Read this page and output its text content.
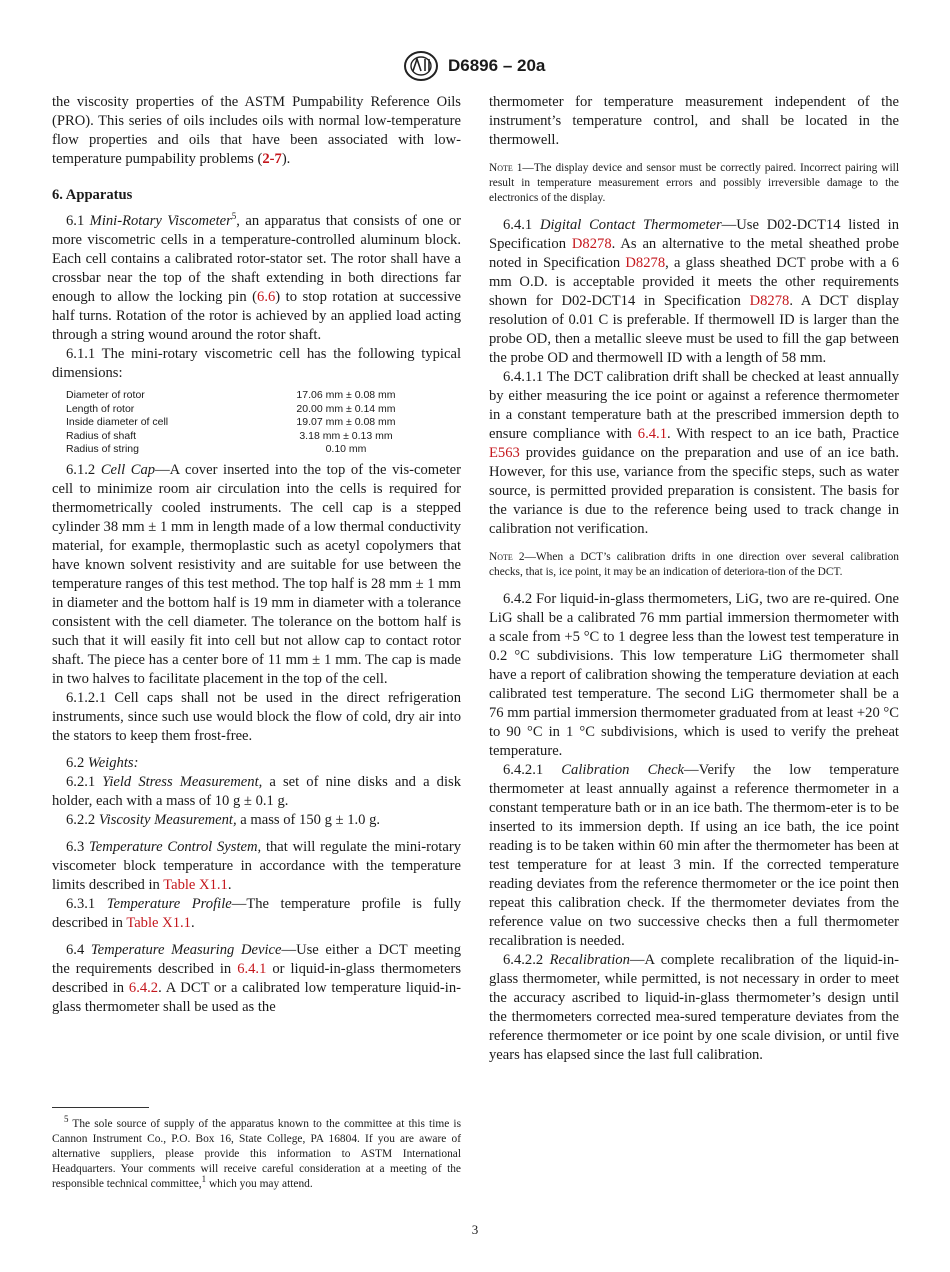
D6896 – 20a

the viscosity properties of the ASTM Pumpability Reference Oils (PRO). This series of oils includes oils with normal low-temperature flow properties and oils that have been associated with low-temperature pumpability problems (2-7).

6. Apparatus

6.1 Mini-Rotary Viscometer$^5$, an apparatus that consists of one or more viscometric cells in a temperature-controlled aluminum block. Each cell contains a calibrated rotor-stator set. The rotor shall have a crossbar near the top of the shaft extending in both directions far enough to allow the locking pin (6.6) to stop rotation at successive half turns. Rotation of the rotor is achieved by an applied load acting through a string wound around the rotor shaft.

6.1.1 The mini-rotary viscometric cell has the following typical dimensions:

Diameter of rotor	17.06 mm ± 0.08 mm
Length of rotor	20.00 mm ± 0.14 mm
Inside diameter of cell	19.07 mm ± 0.08 mm
Radius of shaft	3.18 mm ± 0.13 mm
Radius of string	0.10 mm

6.1.2 Cell Cap—A cover inserted into the top of the vis-cometer cell to minimize room air circulation into the cells is required for thermometrically cooled instruments. The cell cap is a stepped cylinder 38 mm ± 1 mm in length made of a low thermal conductivity material, for example, thermoplastic such as acetyl copolymers that have known solvent resistivity and are suitable for use between the temperature ranges of this test method. The top half is 28 mm ± 1 mm in diameter and the bottom half is 19 mm in diameter with a tolerance consistent with the cell diameter. The tolerance on the bottom half is such that it will easily fit into cell but not allow cap to contact rotor shaft. The piece has a center bore of 11 mm ± 1 mm. The cap is made in two halves to facilitate placement in the top of the cell.

6.1.2.1 Cell caps shall not be used in the direct refrigeration instruments, since such use would block the flow of cold, dry air into the stators to keep them frost-free.

6.2 Weights:

6.2.1 Yield Stress Measurement, a set of nine disks and a disk holder, each with a mass of 10 g ± 0.1 g.

6.2.2 Viscosity Measurement, a mass of 150 g ± 1.0 g.

6.3 Temperature Control System, that will regulate the mini-rotary viscometer block temperature in accordance with the temperature limits described in Table X1.1.

6.3.1 Temperature Profile—The temperature profile is fully described in Table X1.1.

6.4 Temperature Measuring Device—Use either a DCT meeting the requirements described in 6.4.1 or liquid-in-glass thermometers described in 6.4.2. A DCT or a calibrated low temperature liquid-in-glass thermometer shall be used as the

$^5$ The sole source of supply of the apparatus known to the committee at this time is Cannon Instrument Co., P.O. Box 16, State College, PA 16804. If you are aware of alternative suppliers, please provide this information to ASTM International Headquarters. Your comments will receive careful consideration at a meeting of the responsible technical committee,$^1$ which you may attend.

thermometer for temperature measurement independent of the instrument’s temperature control, and shall be located in the thermowell.

Note 1—The display device and sensor must be correctly paired. Incorrect pairing will result in temperature measurement errors and possibly irreversible damage to the electronics of the display.

6.4.1 Digital Contact Thermometer—Use D02-DCT14 listed in Specification D8278. As an alternative to the metal sheathed probe noted in Specification D8278, a glass sheathed DCT probe with a 6 mm O.D. is acceptable provided it meets the other requirements shown for D02-DCT14 in Specification D8278. A DCT display resolution of 0.01 C is preferable. If thermowell ID is larger than the probe OD, then a metallic sleeve must be used to fill the gap between the probe OD and thermowell ID with a length of 58 mm.

6.4.1.1 The DCT calibration drift shall be checked at least annually by either measuring the ice point or against a reference thermometer in a constant temperature bath at the prescribed immersion depth to ensure compliance with 6.4.1. With respect to an ice bath, Practice E563 provides guidance on the preparation and use of an ice bath. However, for this use, variance from the specific steps, such as water source, is permitted provided preparation is consistent. The basis for the variance is due to the reference being used to track change in calibration not verification.

Note 2—When a DCT’s calibration drifts in one direction over several calibration checks, that is, ice point, it may be an indication of deteriora-tion of the DCT.

6.4.2 For liquid-in-glass thermometers, LiG, two are re-quired. One LiG shall be a calibrated 76 mm partial immersion thermometer with a scale from +5 °C to 1 degree less than the lowest test temperature in 0.2 °C subdivisions. This low temperature LiG thermometer shall have a report of calibration showing the temperature deviation at each calibrated test temperature. The second LiG thermometer shall be a 76 mm partial immersion thermometer graduated from at least +20 °C to 90 °C in 1 °C subdivisions, which is used to verify the preheat temperature.

6.4.2.1 Calibration Check—Verify the low temperature thermometer at least annually against a reference thermometer in a constant temperature bath or in an ice bath. The thermom-eter is to be inserted to its immersion depth. If using an ice bath, the ice point reading is to be taken within 60 min after the thermometer has been at test temperature for at least 3 min. If the corrected temperature reading deviates from the reference thermometer or the ice point then repeat this calibration check. If the thermometer deviates from the reference value on two successive checks then a full thermometer recalibration is needed.

6.4.2.2 Recalibration—A complete recalibration of the liquid-in-glass thermometer, while permitted, is not necessary in order to meet the accuracy ascribed to liquid-in-glass thermometer’s design until the thermometers corrected mea-sured temperature deviates from the reference thermometer or ice point by one scale division, or until five years has elapsed since the last full calibration.

3
